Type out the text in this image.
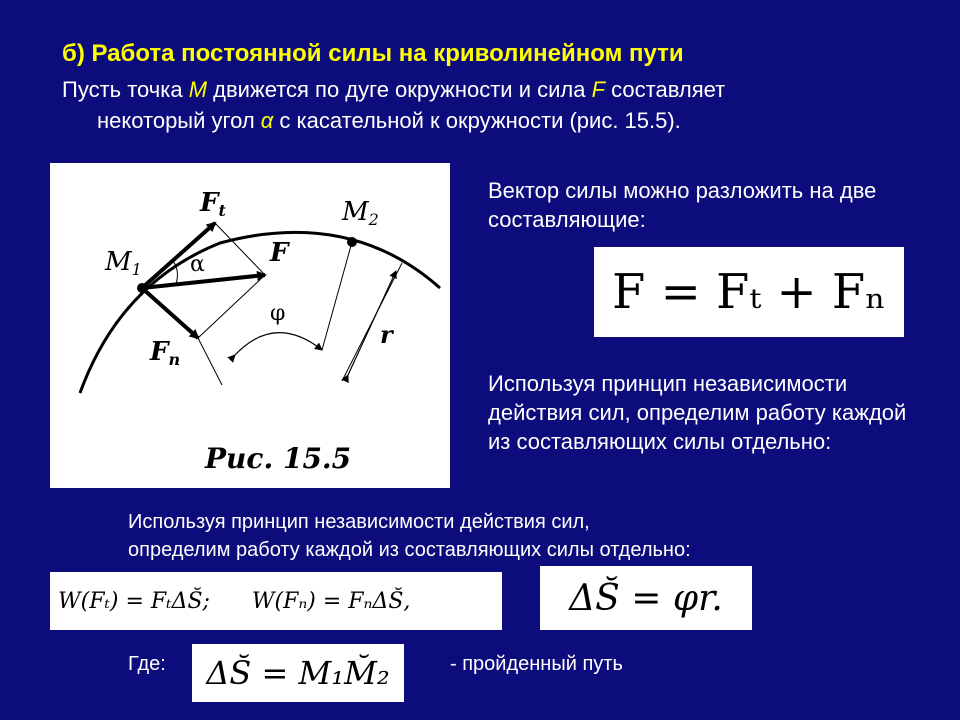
б) Работа постоянной силы на криволинейном пути
Пусть точка M движется по дуге окружности и сила F составляет
некоторый угол α с касательной к окружности (рис. 15.5).
Ft
F
Fn
M1
M2
α
φ
r
Рис. 15.5
Вектор силы можно разложить на две составляющие:
F = Fₜ + Fₙ
Используя принцип независимости действия сил, определим работу каждой из составляющих силы отдельно:
Используя принцип независимости действия сил,
определим работу каждой из составляющих силы отдельно:
W(Fₜ) = FₜΔS̆;      W(Fₙ) = FₙΔS̆,	ΔS̆ = φr.
Где: ΔS̆ = M₁M̆₂	- пройденный путь
